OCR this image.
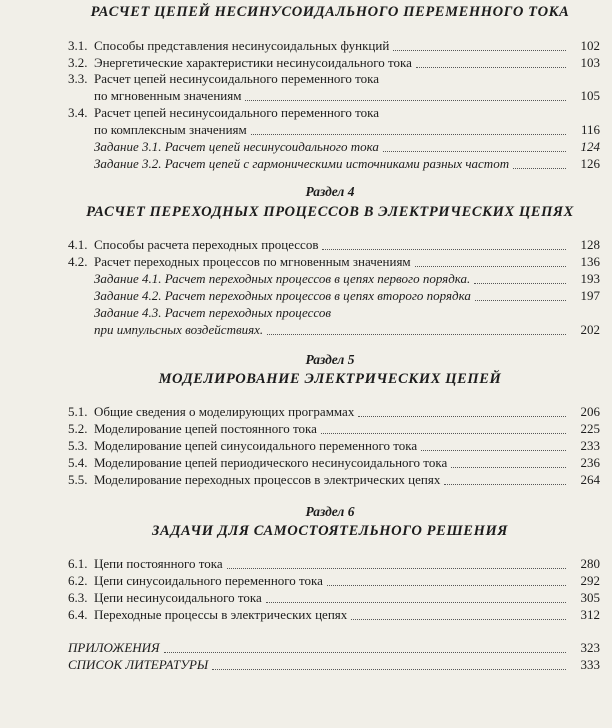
РАСЧЕТ ЦЕПЕЙ НЕСИНУСОИДАЛЬНОГО ПЕРЕМЕННОГО ТОКА
3.1. Способы представления несинусоидальных функций	102
3.2. Энергетические характеристики несинусоидального тока	103
3.3. Расчет цепей несинусоидального переменного тока
по мгновенным значениям	105
3.4. Расчет цепей несинусоидального переменного тока
по комплексным значениям	116
Задание 3.1. Расчет цепей несинусоидального тока	124
Задание 3.2. Расчет цепей с гармоническими источниками разных частот	126
Раздел 4
РАСЧЕТ ПЕРЕХОДНЫХ ПРОЦЕССОВ В ЭЛЕКТРИЧЕСКИХ ЦЕПЯХ
4.1. Способы расчета переходных процессов	128
4.2. Расчет переходных процессов по мгновенным значениям	136
Задание 4.1. Расчет переходных процессов в цепях первого порядка.	193
Задание 4.2. Расчет переходных процессов в цепях второго порядка	197
Задание 4.3. Расчет переходных процессов
при импульсных воздействиях.	202
Раздел 5
МОДЕЛИРОВАНИЕ ЭЛЕКТРИЧЕСКИХ ЦЕПЕЙ
5.1. Общие сведения о моделирующих программах	206
5.2. Моделирование цепей постоянного тока	225
5.3. Моделирование цепей синусоидального переменного тока	233
5.4. Моделирование цепей периодического несинусоидального тока	236
5.5. Моделирование переходных процессов в электрических цепях	264
Раздел 6
ЗАДАЧИ ДЛЯ САМОСТОЯТЕЛЬНОГО РЕШЕНИЯ
6.1. Цепи постоянного тока	280
6.2. Цепи синусоидального переменного тока	292
6.3. Цепи несинусоидального тока	305
6.4. Переходные процессы в электрических цепях	312
ПРИЛОЖЕНИЯ	323
СПИСОК ЛИТЕРАТУРЫ	333
